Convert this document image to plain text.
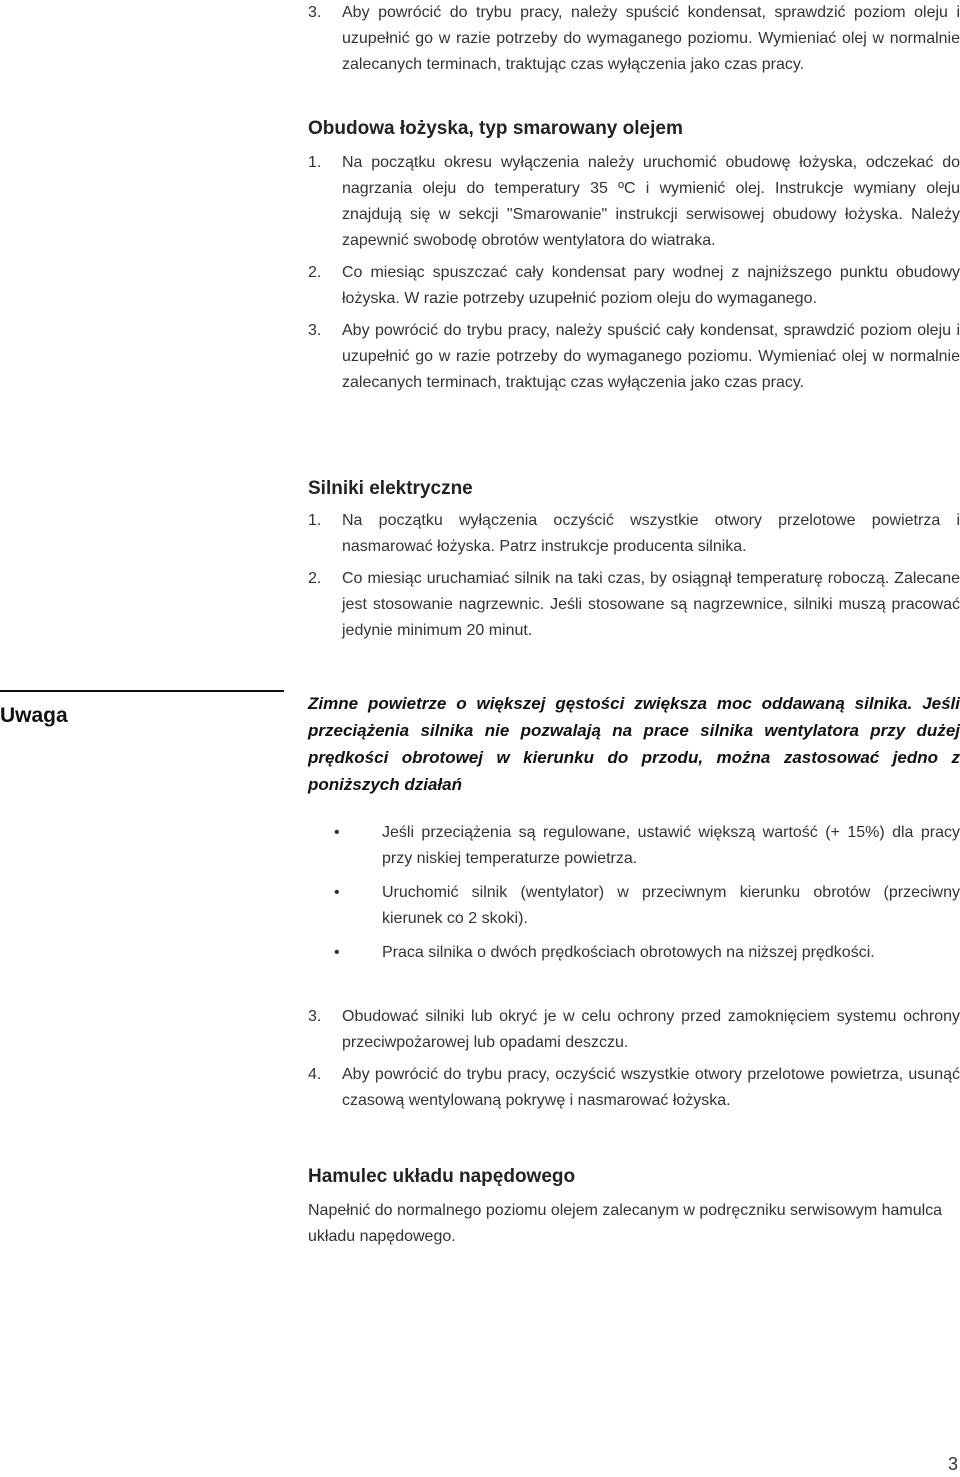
3. Aby powrócić do trybu pracy, należy spuścić kondensat, sprawdzić poziom oleju i uzupełnić go w razie potrzeby do wymaganego poziomu. Wymieniać olej w normalnie zalecanych terminach, traktując czas wyłączenia jako czas pracy.
Obudowa łożyska, typ smarowany olejem
1. Na początku okresu wyłączenia należy uruchomić obudowę łożyska, odczekać do nagrzania oleju do temperatury 35 ºC i wymienić olej. Instrukcje wymiany oleju znajdują się w sekcji "Smarowanie" instrukcji serwisowej obudowy łożyska. Należy zapewnić swobodę obrotów wentylatora do wiatraka.
2. Co miesiąc spuszczać cały kondensat pary wodnej z najniższego punktu obudowy łożyska. W razie potrzeby uzupełnić poziom oleju do wymaganego.
3. Aby powrócić do trybu pracy, należy spuścić cały kondensat, sprawdzić poziom oleju i uzupełnić go w razie potrzeby do wymaganego poziomu. Wymieniać olej w normalnie zalecanych terminach, traktując czas wyłączenia jako czas pracy.
Silniki elektryczne
1. Na początku wyłączenia oczyścić wszystkie otwory przelotowe powietrza i nasmarować łożyska. Patrz instrukcje producenta silnika.
2. Co miesiąc uruchamiać silnik na taki czas, by osiągnął temperaturę roboczą. Zalecane jest stosowanie nagrzewnic. Jeśli stosowane są nagrzewnice, silniki muszą pracować jedynie minimum 20 minut.
Uwaga
Zimne powietrze o większej gęstości zwiększa moc oddawaną silnika. Jeśli przeciążenia silnika nie pozwalają na prace silnika wentylatora przy dużej prędkości obrotowej w kierunku do przodu, można zastosować jedno z poniższych działań
•	Jeśli przeciążenia są regulowane, ustawić większą wartość (+ 15%) dla pracy przy niskiej temperaturze powietrza.
•	Uruchomić silnik (wentylator) w przeciwnym kierunku obrotów (przeciwny kierunek co 2 skoki).
•	Praca silnika o dwóch prędkościach obrotowych na niższej prędkości.
3. Obudować silniki lub okryć je w celu ochrony przed zamoknięciem systemu ochrony przeciwpożarowej lub opadami deszczu.
4. Aby powrócić do trybu pracy, oczyścić wszystkie otwory przelotowe powietrza, usunąć czasową wentylowaną pokrywę i nasmarować łożyska.
Hamulec układu napędowego

Napełnić do normalnego poziomu olejem zalecanym w podręczniku serwisowym hamulca układu napędowego.

3
